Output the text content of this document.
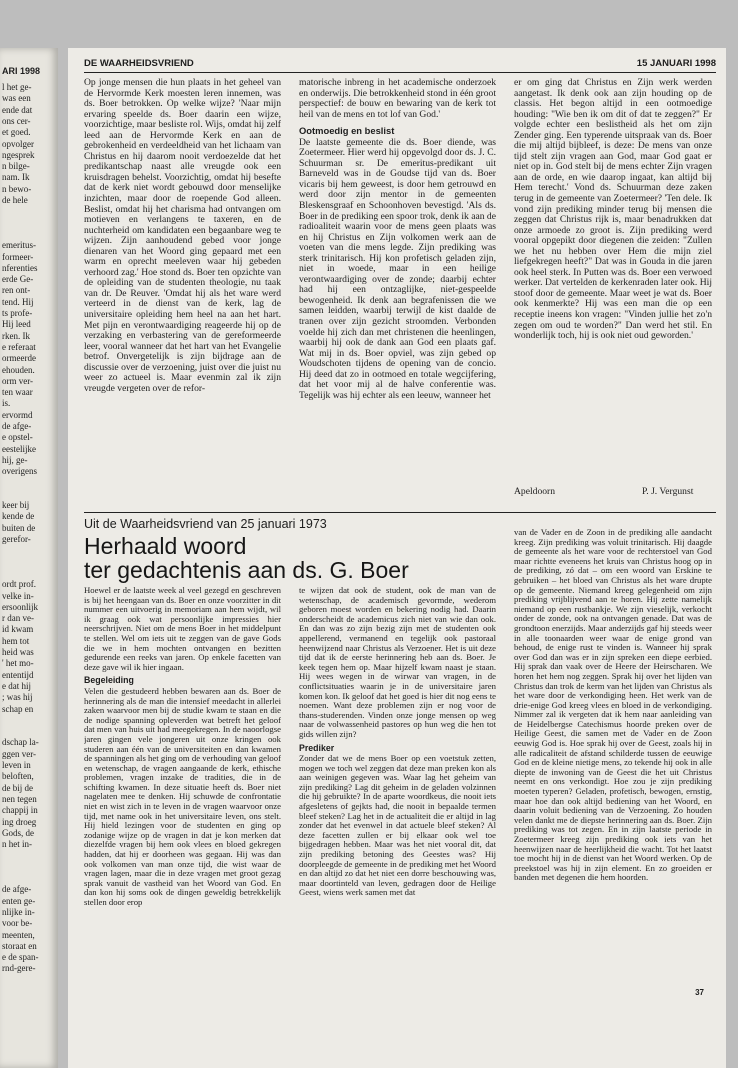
ARI 1998
l het ge-
was een
ende dat
ons cer-
et goed.
opvolger
ngesprek
n bilge-
nam. Ik
n bewo-
de hele
emeritus-
formeer-
nferenties
erde Ge-
ren ont-
tend. Hij
ts profe-
Hij leed
rken. Ik
e referaat
ormeerde
ehouden.
orm ver-
ten waar
is.
ervormd
de afge-
e opstel-
eestelijke
hij, ge-
overigens
keer bij
kende de
buiten de
gerefor-
ordt prof.
velke in-
ersoonlijk
r dan ve-
id kwam
hem tot
heid was
' het mo-
ententijd
e dat hij
; was hij
schap en
dschap la-
ggen ver-
leven in
beloften,
de bij de
nen tegen
chappij in
ing droeg
Gods, de
n het in-
de afge-
enten ge-
nlijke in-
voor be-
meenten,
storaat en
e de span-
rnd-gere-
DE WAARHEIDSVRIEND	15 JANUARI 1998

Op jonge mensen die hun plaats in het geheel van de Hervormde Kerk moesten leren innemen, was ds. Boer betrokken. Op welke wijze? 'Naar mijn ervaring speelde ds. Boer daarin een wijze, voorzichtige, maar besliste rol. Wijs, omdat hij zelf leed aan de Hervormde Kerk en aan de gebrokenheid en verdeeldheid van het lichaam van Christus en hij daarom nooit verdoezelde dat het predikantschap naast alle vreugde ook een kruisdragen behelst. Voorzichtig, omdat hij besefte dat de kerk niet wordt gebouwd door menselijke inzichten, maar door de roepende God alleen. Beslist, omdat hij het charisma had ontvangen om motieven en verlangens te taxeren, en de nuchterheid om kandidaten een begaanbare weg te wijzen. Zijn aanhoudend gebed voor jonge dienaren van het Woord ging gepaard met een warm en oprecht meeleven waar hij gebeden verhoord zag.' Hoe stond ds. Boer ten opzichte van de opleiding van de studenten theologie, nu taak van dr. De Reuver. 'Omdat hij als het ware werd verteerd in de dienst van de kerk, lag de universitaire opleiding hem heel na aan het hart. Met pijn en verontwaardiging reageerde hij op de verzaking en verbastering van de gereformeerde leer, vooral wanneer dat het hart van het Evangelie betrof. Onvergetelijk is zijn bijdrage aan de discussie over de verzoening, juist over die juist nu weer zo actueel is. Maar evenmin zal ik zijn vreugde vergeten over de refor-

matorische inbreng in het academische onderzoek en onderwijs. Die betrokkenheid stond in één groot perspectief: de bouw en bewaring van de kerk tot heil van de mens en tot lof van God.'

Ootmoedig en beslist

De laatste gemeente die ds. Boer diende, was Zoetermeer. Hier werd hij opgevolgd door ds. J. C. Schuurman sr. De emeritus-predikant uit Barneveld was in de Goudse tijd van ds. Boer vicaris bij hem geweest, is door hem getrouwd en werd door zijn mentor in de gemeenten Bleskensgraaf en Schoonhoven bevestigd. 'Als ds. Boer in de prediking een spoor trok, denk ik aan de radioaliteit waarin voor de mens geen plaats was en hij Christus en Zijn volkomen werk aan de voeten van die mens legde. Zijn prediking was sterk trinitarisch. Hij kon profetisch geladen zijn, niet in woede, maar in een heilige verontwaardiging over de zonde; daarbij echter had hij een ontzaglijke, niet-gespeelde bewogenheid. Ik denk aan begrafenissen die we samen leidden, waarbij terwijl de kist daalde de tranen over zijn gezicht stroomden. Verbonden voelde hij zich dan met christenen die heenlingen, waarbij hij ook de dank aan God een plaats gaf. Wat mij in ds. Boer opviel, was zijn gebed op Woudschoten tijdens de opening van de concio. Hij deed dat zo in ootmoed en totale wegcijfering, dat het voor mij al de halve conferentie was. Tegelijk was hij echter als een leeuw, wanneer het

er om ging dat Christus en Zijn werk werden aangetast. Ik denk ook aan zijn houding op de classis. Het begon altijd in een ootmoedige houding: "Wie ben ik om dit of dat te zeggen?" Er volgde echter een beslistheid als het om zijn Zender ging. Een typerende uitspraak van ds. Boer die mij altijd bijbleef, is deze: De mens van onze tijd stelt zijn vragen aan God, maar God gaat er niet op in. God stelt bij de mens echter Zijn vragen aan de orde, en wie daarop ingaat, kan altijd bij Hem terecht.' Vond ds. Schuurman deze zaken terug in de gemeente van Zoetermeer? 'Ten dele. Ik vond zijn prediking minder terug bij mensen die zeggen dat Christus rijk is, maar benadrukken dat onze armoede zo groot is. Zijn prediking werd vooral opgepikt door diegenen die zeiden: "Zullen we het nu hebben over Hem die mijn ziel liefgekregen heeft?" Dat was in Gouda in die jaren ook heel sterk. In Putten was ds. Boer een verwoed werker. Dat vertelden de kerkenraden later ook. Hij stoof door de gemeente. Maar weet je wat ds. Boer ook kenmerkte? Hij was een man die op een receptie ineens kon vragen: "Vinden jullie het zo'n zegen om oud te worden?" Dan werd het stil. En wonderlijk toch, hij is ook niet oud geworden.'

Apeldoorn	P. J. Vergunst
Uit de Waarheidsvriend van 25 januari 1973
Herhaald woord
ter gedachtenis aan ds. G. Boer

Hoewel er de laatste week al veel gezegd en geschreven is bij het heengaan van ds. Boer en onze voorzitter in dit nummer een uitvoerig in memoriam aan hem wijdt, wil ik graag ook wat persoonlijke impressies hier neerschrijven. Niet om de mens Boer in het middelpunt te stellen. Wel om iets uit te zeggen van de gave Gods die we in hem mochten ontvangen en bezitten gedurende een reeks van jaren. Op enkele facetten van deze gave wil ik hier ingaan.

Begeleiding

Velen die gestudeerd hebben bewaren aan ds. Boer de herinnering als de man die intensief meedacht in allerlei zaken waarvoor men bij de studie kwam te staan en die de nodige spanning opleverden wat betreft het geloof dat men van huis uit had meegekregen. In de naoorlogse jaren gingen vele jongeren uit onze kringen ook studeren aan één van de universiteiten en dan kwamen de spanningen als het ging om de verhouding van geloof en wetenschap, de vragen aangaande de kerk, ethische problemen, vragen inzake de tradities, die in de schifting kwamen. In deze situatie heeft ds. Boer niet nagelaten mee te denken. Hij schuwde de confrontatie niet en wist zich in te leven in de vragen waarvoor onze tijd, met name ook in het universitaire leven, ons stelt. Hij hield lezingen voor de studenten en ging op zodanige wijze op de vragen in dat je kon merken dat diezelfde vragen bij hem ook vlees en bloed gekregen hadden, dat hij er doorheen was gegaan. Hij was dan ook volkomen van man onze tijd, die wist waar de vragen lagen, maar die in deze vragen met groot gezag sprak vanuit de vastheid van het Woord van God. En dan kon hij soms ook de dingen geweldig betrekkelijk stellen door erop

te wijzen dat ook de student, ook de man van de wetenschap, de academisch gevormde, wederom geboren moest worden en bekering nodig had. Daarin onderscheidt de academicus zich niet van wie dan ook. En dan was zo zijn bezig zijn met de studenten ook appellerend, vermanend en tegelijk ook pastoraal heenwijzend naar Christus als Verzoener. Het is uit deze tijd dat ik de eerste herinnering heb aan ds. Boer. Je keek tegen hem op. Maar hijzelf kwam naast je staan. Hij wees wegen in de wirwar van vragen, in de conflictsituaties waarin je in de universitaire jaren komen kon. Ik geloof dat het goed is hier dit nog eens te noemen. Want deze problemen zijn er nog voor de thans-studerenden. Vinden onze jonge mensen op weg naar de volwassenheid pastores op hun weg die hen tot gids willen zijn?

Prediker

Zonder dat we de mens Boer op een voetstuk zetten, mogen we toch wel zeggen dat deze man preken kon als aan weinigen gegeven was. Waar lag het geheim van zijn prediking? Lag dit geheim in de geladen volzinnen die hij gebruikte? In de aparte woordkeus, die nooit iets afgesletens of gejkts had, die nooit in bepaalde termen bleef steken? Lag het in de actualiteit die er altijd in lag zonder dat het evenwel in dat actuele bleef steken? Al deze facetten zullen er bij elkaar ook wel toe bijgedragen hebben. Maar was het niet vooral dit, dat zijn prediking betoning des Geestes was? Hij doorpleegde de gemeente in de prediking met het Woord en dan altijd zo dat het niet een dorre beschouwing was, maar doortinteld van leven, gedragen door de Heilige Geest, wiens werk samen met dat

van de Vader en de Zoon in de prediking alle aandacht kreeg. Zijn prediking was voluit trinitarisch. Hij daagde de gemeente als het ware voor de rechterstoel van God maar richtte eveneens het kruis van Christus hoog op in de prediking, zó dat – om een woord van Erskine te gebruiken – het bloed van Christus als het ware drupte op de gemeente. Niemand kreeg gelegenheid om zijn prediking vrijblijvend aan te horen. Hij zette namelijk niemand op een rustbankje. We zijn vieselijk, verkocht onder de zonde, ook na ontvangen genade. Dat was de grondtoon enerzijds. Maar anderzijds gaf hij steeds weer in alle toonaarden weer waar de enige grond van behoud, de enige rust te vinden is. Wanneer hij sprak over God dan was er in zijn spreken een diepe eerbied. Hij sprak dan vaak over de Heere der Heirscharen. We horen het hem nog zeggen. Sprak hij over het lijden van Christus dan trok de kerm van het lijden van Christus als het ware door de verkondiging heen. Het werk van de drie-enige God kreeg vlees en bloed in de verkondiging. Nimmer zal ik vergeten dat ik hem naar aanleiding van de Heidelbergse Catechismus hoorde preken over de Heilige Geest, die samen met de Vader en de Zoon eeuwig God is. Hoe sprak hij over de Geest, zoals hij in alle radicaliteit de afstand schilderde tussen de eeuwige God en de kleine nietige mens, zo tekende hij ook in alle diepte de inwoning van de Geest die het uit Christus neemt en ons verkondigt. Hoe zou je zijn prediking moeten typeren? Geladen, profetisch, bewogen, ernstig, maar hoe dan ook altijd bediening van het Woord, en daarin voluit bediening van de Verzoening. Zo houden velen dankt me de diepste herinnering aan ds. Boer. Zijn prediking was tot zegen. En in zijn laatste periode in Zoetermeer kreeg zijn prediking ook iets van het heenwijzen naar de heerlijkheid die wacht. Tot het laatst toe mocht hij in de dienst van het Woord werken. Op de preekstoel was hij in zijn element. En zo groeiden er banden met degenen die hem hoorden.

37
